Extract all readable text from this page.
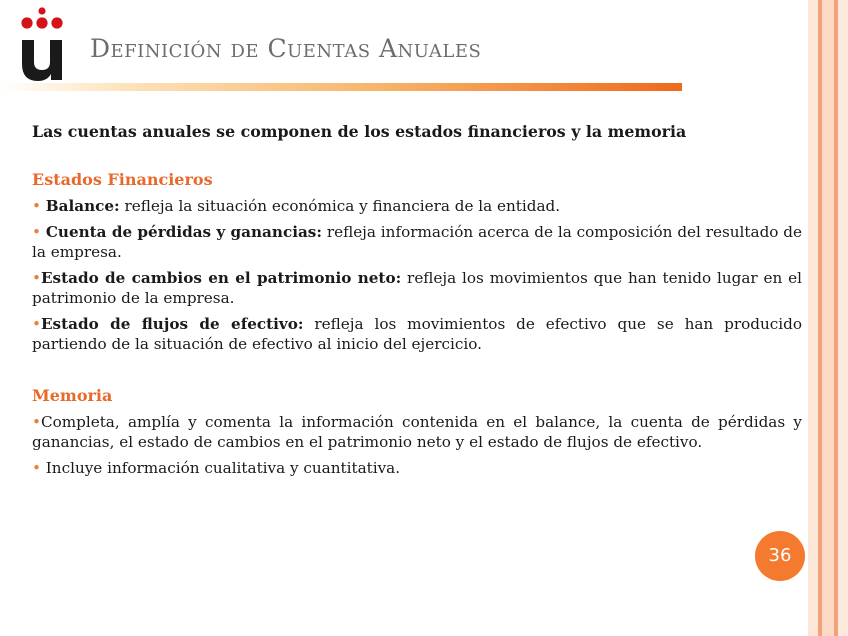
Definición de Cuentas Anuales

Las cuentas anuales se componen de los estados financieros y la memoria

Estados Financieros

• Balance: refleja la situación económica y financiera de la entidad.

• Cuenta de pérdidas y ganancias: refleja información acerca de la composición del resultado de la empresa.

•Estado de cambios en el patrimonio neto: refleja los movimientos que han tenido lugar en el patrimonio de la empresa.

•Estado de flujos de efectivo: refleja los movimientos de efectivo que se han producido partiendo de la situación de efectivo al inicio del ejercicio.

Memoria

•Completa, amplía y comenta la información contenida en el balance, la cuenta de pérdidas y ganancias, el estado de cambios en el patrimonio neto y el estado de flujos de efectivo.

• Incluye información cualitativa y cuantitativa.

36
